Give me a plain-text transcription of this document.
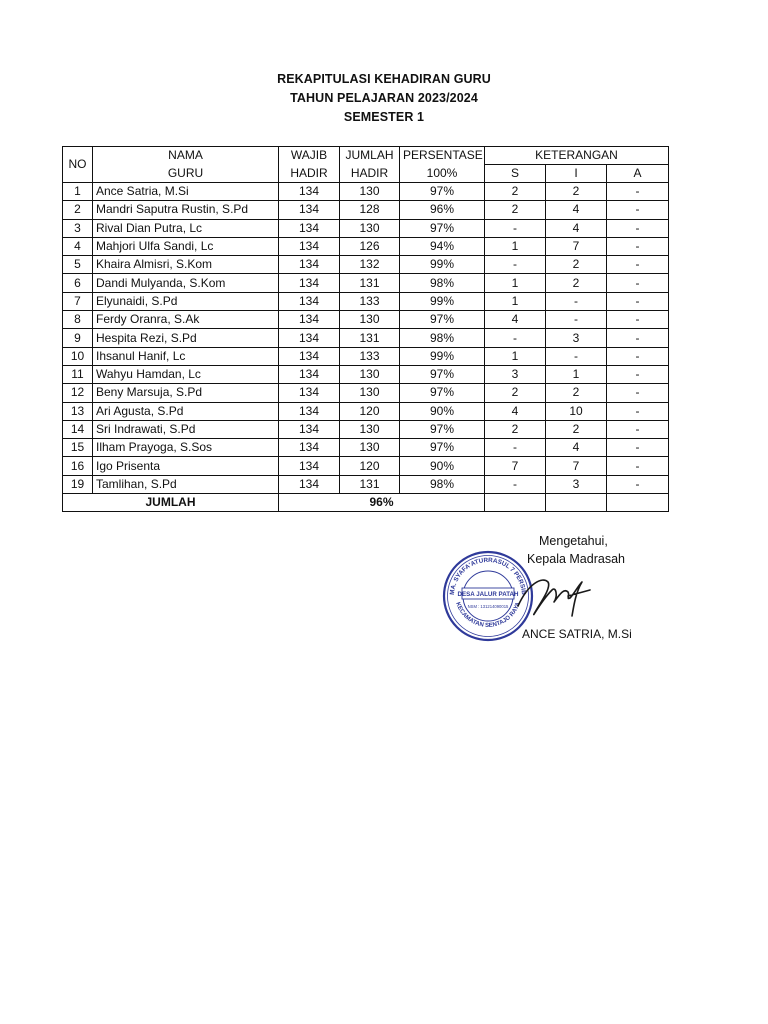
REKAPITULASI KEHADIRAN GURU
TAHUN PELAJARAN 2023/2024
SEMESTER 1
NO	NAMA	WAJIB	JUMLAH	PERSENTASE	KETERANGAN		
	GURU	HADIR	HADIR	100%	S	I	A
1	Ance Satria, M.Si	134	130	97%	2	2	-
2	Mandri Saputra Rustin, S.Pd	134	128	96%	2	4	-
3	Rival Dian Putra, Lc	134	130	97%	-	4	-
4	Mahjori Ulfa Sandi, Lc	134	126	94%	1	7	-
5	Khaira Almisri, S.Kom	134	132	99%	-	2	-
6	Dandi Mulyanda, S.Kom	134	131	98%	1	2	-
7	Elyunaidi, S.Pd	134	133	99%	1	-	-
8	Ferdy Oranra, S.Ak	134	130	97%	4	-	-
9	Hespita Rezi, S.Pd	134	131	98%	-	3	-
10	Ihsanul Hanif, Lc	134	133	99%	1	-	-
11	Wahyu Hamdan, Lc	134	130	97%	3	1	-
12	Beny Marsuja, S.Pd	134	130	97%	2	2	-
13	Ari Agusta, S.Pd	134	120	90%	4	10	-
14	Sri Indrawati, S.Pd	134	130	97%	2	2	-
15	Ilham Prayoga, S.Sos	134	130	97%	-	4	-
16	Igo Prisenta	134	120	90%	7	7	-
19	Tamlihan, S.Pd	134	131	98%	-	3	-
JUMLAH		96%					
Mengetahui,
Kepala Madrasah
MA. SYAFA'ATURRASUL 7 PERSIB
KECAMATAN SENTAJO RAYA
DESA JALUR PATAH
NSM : 131214090015
ANCE SATRIA, M.Si
